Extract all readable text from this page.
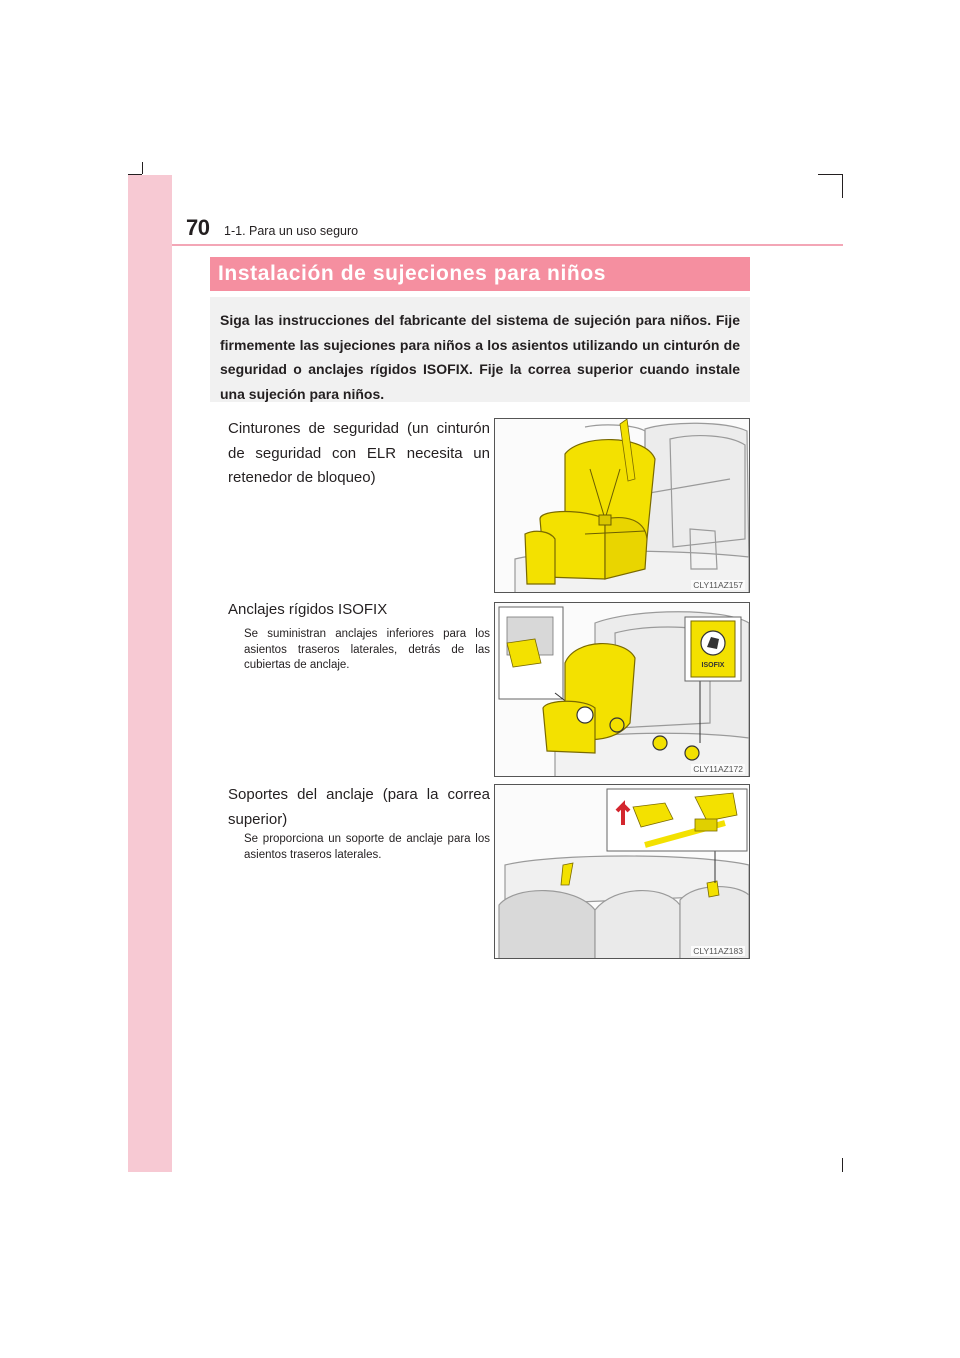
70 1-1. Para un uso seguro
Instalación de sujeciones para niños
Siga las instrucciones del fabricante del sistema de sujeción para niños. Fije firmemente las sujeciones para niños a los asientos utilizando un cinturón de seguridad o anclajes rígidos ISOFIX. Fije la correa superior cuando instale una sujeción para niños.
Cinturones de seguridad (un cinturón de seguridad con ELR necesita un retenedor de bloqueo)
CLY11AZ157
Anclajes rígidos ISOFIX
Se suministran anclajes inferiores para los asientos traseros laterales, detrás de las cubiertas de anclaje.	ISOFIX
CLY11AZ172
Soportes del anclaje (para la correa superior)
Se proporciona un soporte de anclaje para los asientos traseros laterales.
CLY11AZ183
